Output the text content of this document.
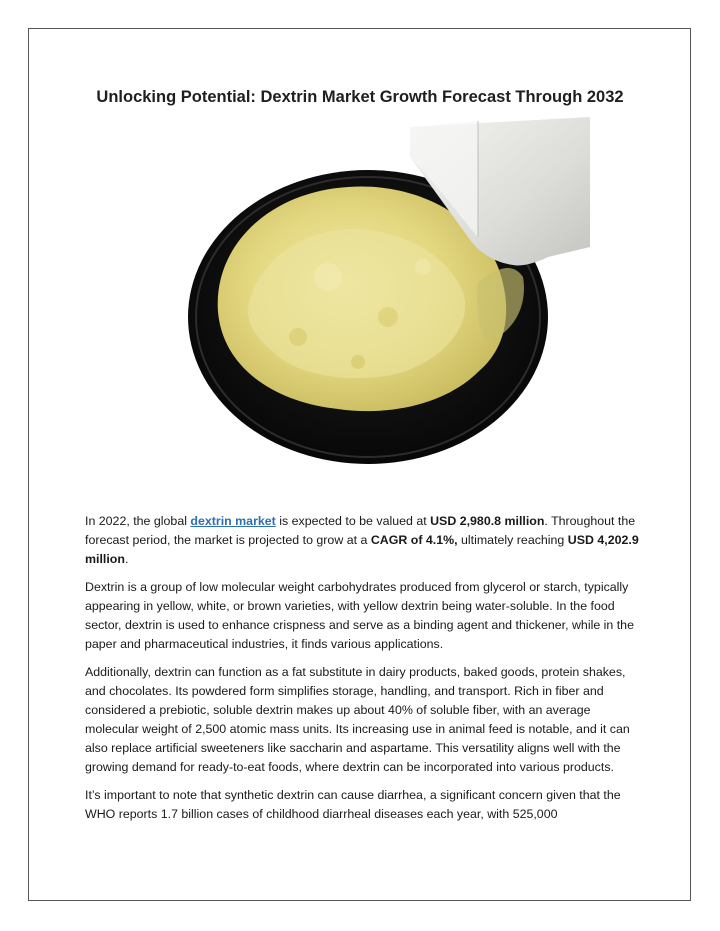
Unlocking Potential: Dextrin Market Growth Forecast Through 2032

In 2022, the global dextrin market is expected to be valued at USD 2,980.8 million. Throughout the forecast period, the market is projected to grow at a CAGR of 4.1%, ultimately reaching USD 4,202.9 million.

Dextrin is a group of low molecular weight carbohydrates produced from glycerol or starch, typically appearing in yellow, white, or brown varieties, with yellow dextrin being water-soluble. In the food sector, dextrin is used to enhance crispness and serve as a binding agent and thickener, while in the paper and pharmaceutical industries, it finds various applications.

Additionally, dextrin can function as a fat substitute in dairy products, baked goods, protein shakes, and chocolates. Its powdered form simplifies storage, handling, and transport. Rich in fiber and considered a prebiotic, soluble dextrin makes up about 40% of soluble fiber, with an average molecular weight of 2,500 atomic mass units. Its increasing use in animal feed is notable, and it can also replace artificial sweeteners like saccharin and aspartame. This versatility aligns well with the growing demand for ready-to-eat foods, where dextrin can be incorporated into various products.

It’s important to note that synthetic dextrin can cause diarrhea, a significant concern given that the WHO reports 1.7 billion cases of childhood diarrheal diseases each year, with 525,000
